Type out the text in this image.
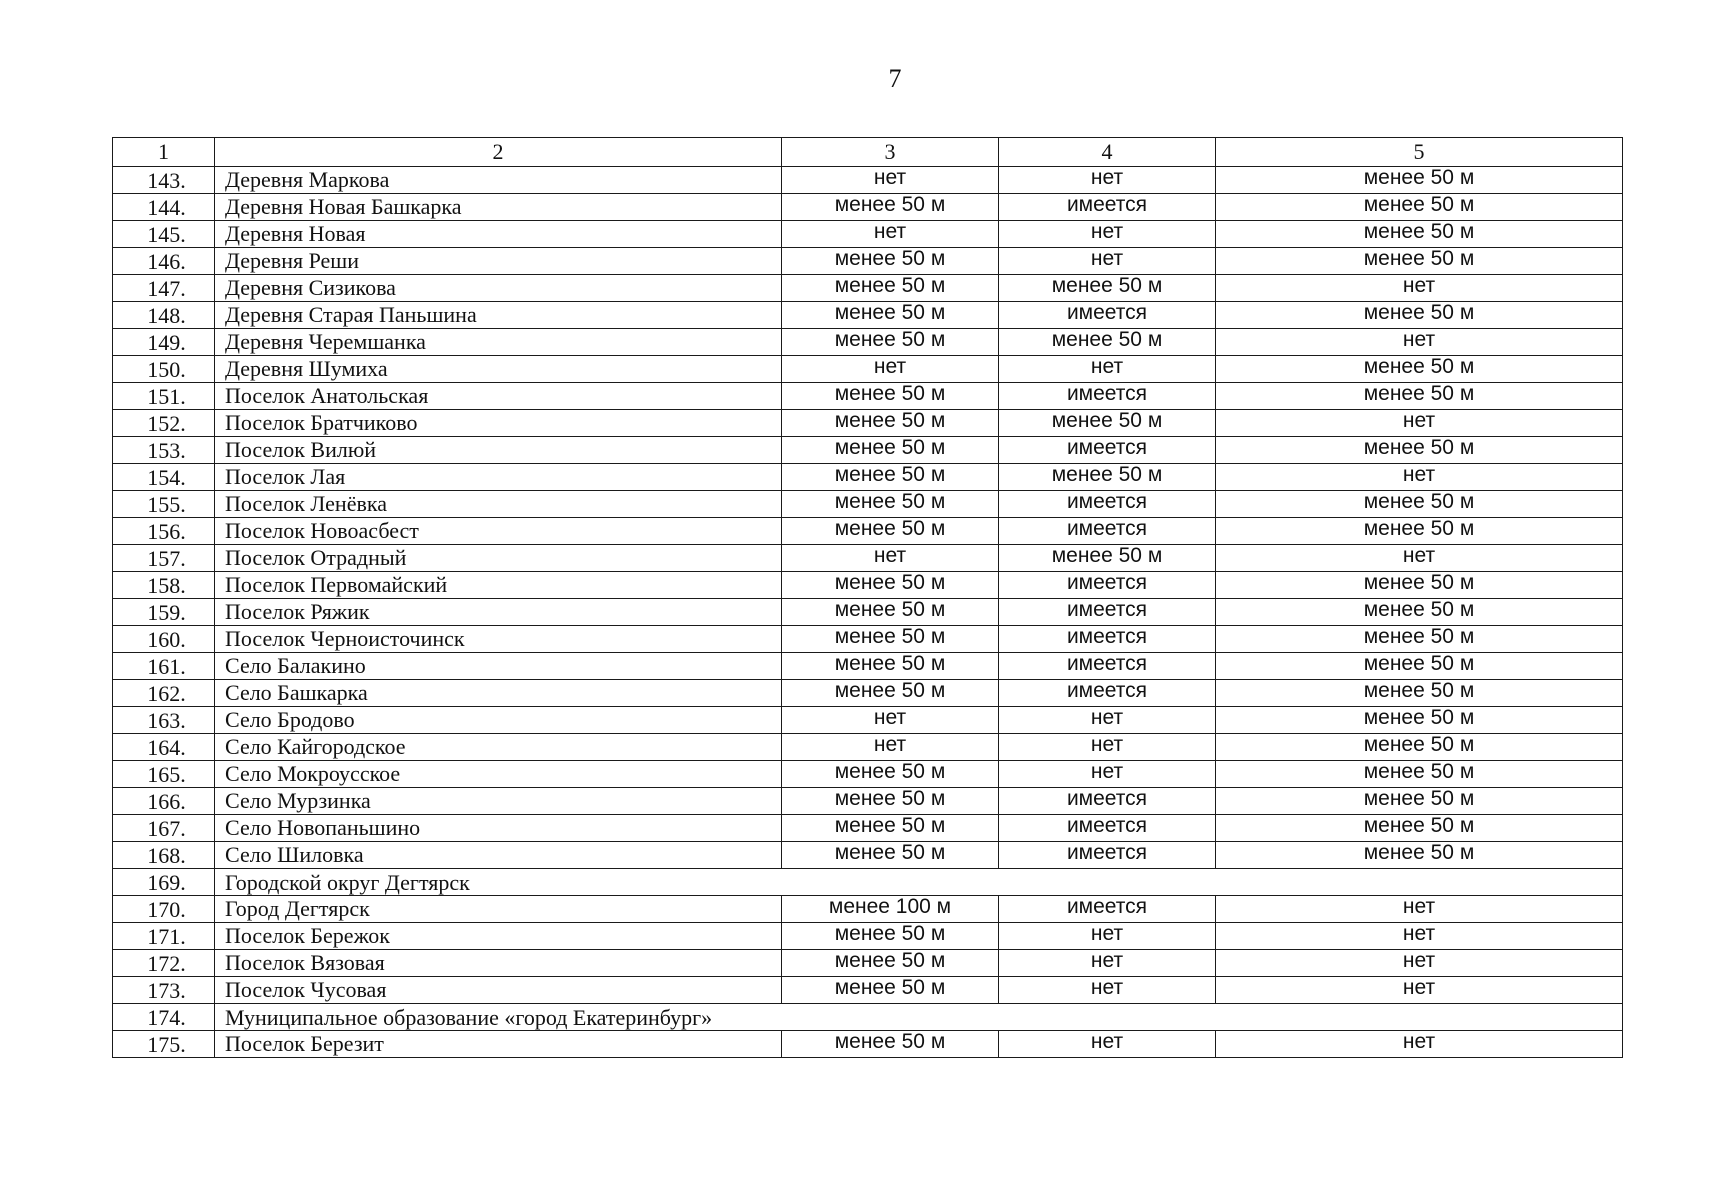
7
1	2	3	4	5
143.	Деревня Маркова	нет	нет	менее 50 м
144.	Деревня Новая Башкарка	менее 50 м	имеется	менее 50 м
145.	Деревня Новая	нет	нет	менее 50 м
146.	Деревня Реши	менее 50 м	нет	менее 50 м
147.	Деревня Сизикова	менее 50 м	менее 50 м	нет
148.	Деревня Старая Паньшина	менее 50 м	имеется	менее 50 м
149.	Деревня Черемшанка	менее 50 м	менее 50 м	нет
150.	Деревня Шумиха	нет	нет	менее 50 м
151.	Поселок Анатольская	менее 50 м	имеется	менее 50 м
152.	Поселок Братчиково	менее 50 м	менее 50 м	нет
153.	Поселок Вилюй	менее 50 м	имеется	менее 50 м
154.	Поселок Лая	менее 50 м	менее 50 м	нет
155.	Поселок Ленёвка	менее 50 м	имеется	менее 50 м
156.	Поселок Новоасбест	менее 50 м	имеется	менее 50 м
157.	Поселок Отрадный	нет	менее 50 м	нет
158.	Поселок Первомайский	менее 50 м	имеется	менее 50 м
159.	Поселок Ряжик	менее 50 м	имеется	менее 50 м
160.	Поселок Черноисточинск	менее 50 м	имеется	менее 50 м
161.	Село Балакино	менее 50 м	имеется	менее 50 м
162.	Село Башкарка	менее 50 м	имеется	менее 50 м
163.	Село Бродово	нет	нет	менее 50 м
164.	Село Кайгородское	нет	нет	менее 50 м
165.	Село Мокроусское	менее 50 м	нет	менее 50 м
166.	Село Мурзинка	менее 50 м	имеется	менее 50 м
167.	Село Новопаньшино	менее 50 м	имеется	менее 50 м
168.	Село Шиловка	менее 50 м	имеется	менее 50 м
169.	Городской округ Дегтярск			
170.	Город Дегтярск	менее 100 м	имеется	нет
171.	Поселок Бережок	менее 50 м	нет	нет
172.	Поселок Вязовая	менее 50 м	нет	нет
173.	Поселок Чусовая	менее 50 м	нет	нет
174.	Муниципальное образование «город Екатеринбург»			
175.	Поселок Березит	менее 50 м	нет	нет
